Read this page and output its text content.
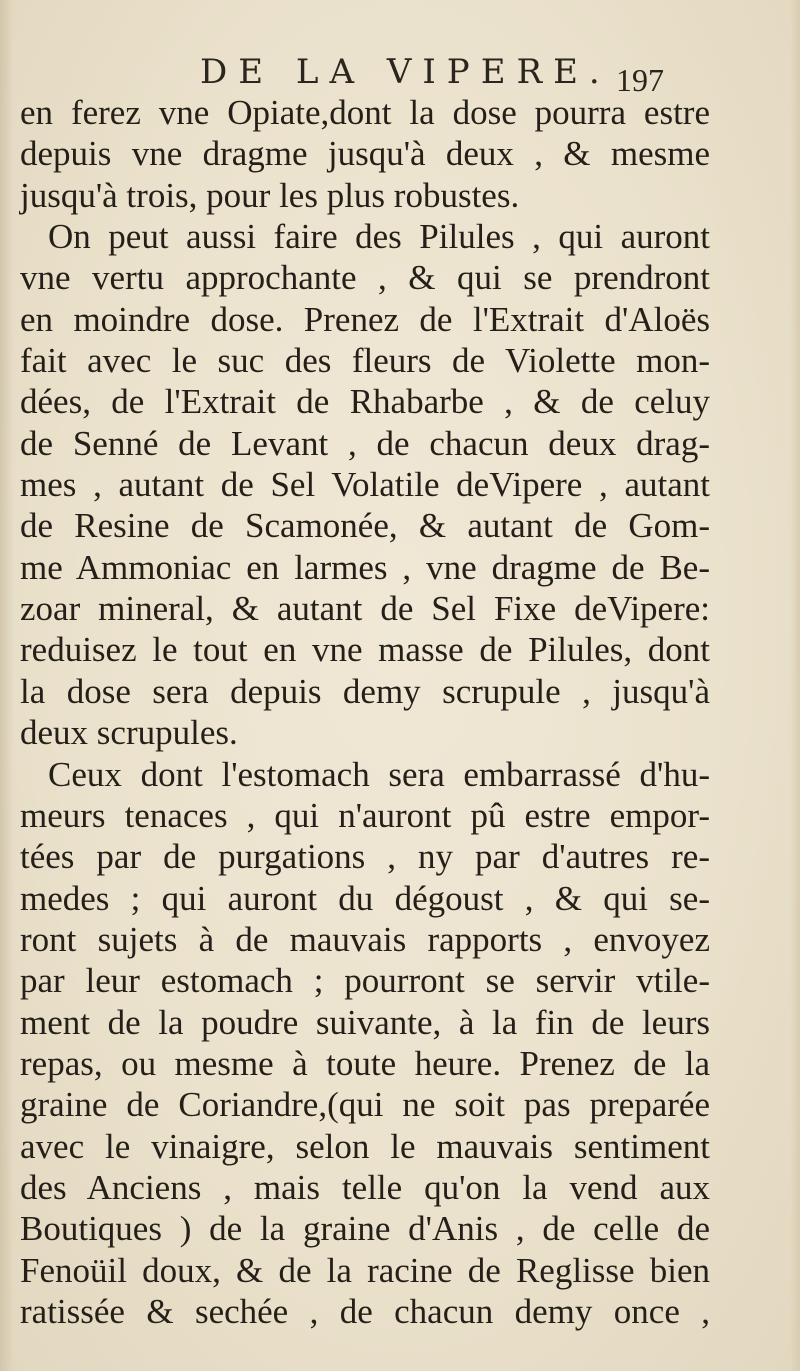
DE LA VIPERE. 197
en ferez vne Opiate,dont la dose pourra estre
depuis vne dragme jusqu'à deux , & mesme
jusqu'à trois, pour les plus robustes.
On peut aussi faire des Pilules , qui auront
vne vertu approchante , & qui se prendront
en moindre dose. Prenez de l'Extrait d'Aloës
fait avec le suc des fleurs de Violette mon-
dées, de l'Extrait de Rhabarbe , & de celuy
de Senné de Levant , de chacun deux drag-
mes , autant de Sel Volatile deVipere , autant
de Resine de Scamonée, & autant de Gom-
me Ammoniac en larmes , vne dragme de Be-
zoar mineral, & autant de Sel Fixe deVipere:
reduisez le tout en vne masse de Pilules, dont
la dose sera depuis demy scrupule , jusqu'à
deux scrupules.
Ceux dont l'estomach sera embarrassé d'hu-
meurs tenaces , qui n'auront pû estre empor-
tées par de purgations , ny par d'autres re-
medes ; qui auront du dégoust , & qui se-
ront sujets à de mauvais rapports , envoyez
par leur estomach ; pourront se servir vtile-
ment de la poudre suivante, à la fin de leurs
repas, ou mesme à toute heure. Prenez de la
graine de Coriandre,(qui ne soit pas preparée
avec le vinaigre, selon le mauvais sentiment
des Anciens , mais telle qu'on la vend aux
Boutiques ) de la graine d'Anis , de celle de
Fenoüil doux, & de la racine de Reglisse bien
ratissée & sechée , de chacun demy once ,
